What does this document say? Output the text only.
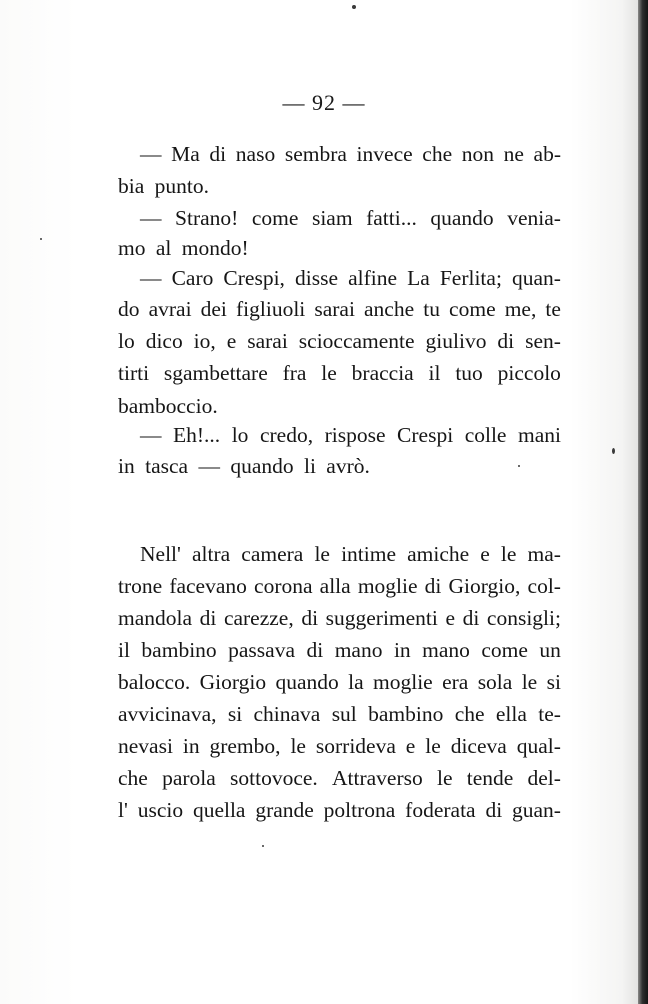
— 92 —
— Ma di naso sembra invece che non ne ab-
bia punto.
— Strano! come siam fatti... quando venia-
mo al mondo!
— Caro Crespi, disse alfine La Ferlita; quan-
do avrai dei figliuoli sarai anche tu come me, te
lo dico io, e sarai scioccamente giulivo di sen-
tirti sgambettare fra le braccia il tuo piccolo
bamboccio.
— Eh!... lo credo, rispose Crespi colle mani
in tasca — quando li avrò.
Nell' altra camera le intime amiche e le ma-
trone facevano corona alla moglie di Giorgio, col-
mandola di carezze, di suggerimenti e di consigli;
il bambino passava di mano in mano come un
balocco. Giorgio quando la moglie era sola le si
avvicinava, si chinava sul bambino che ella te-
nevasi in grembo, le sorrideva e le diceva qual-
che parola sottovoce. Attraverso le tende del-
l' uscio quella grande poltrona foderata di guan-
